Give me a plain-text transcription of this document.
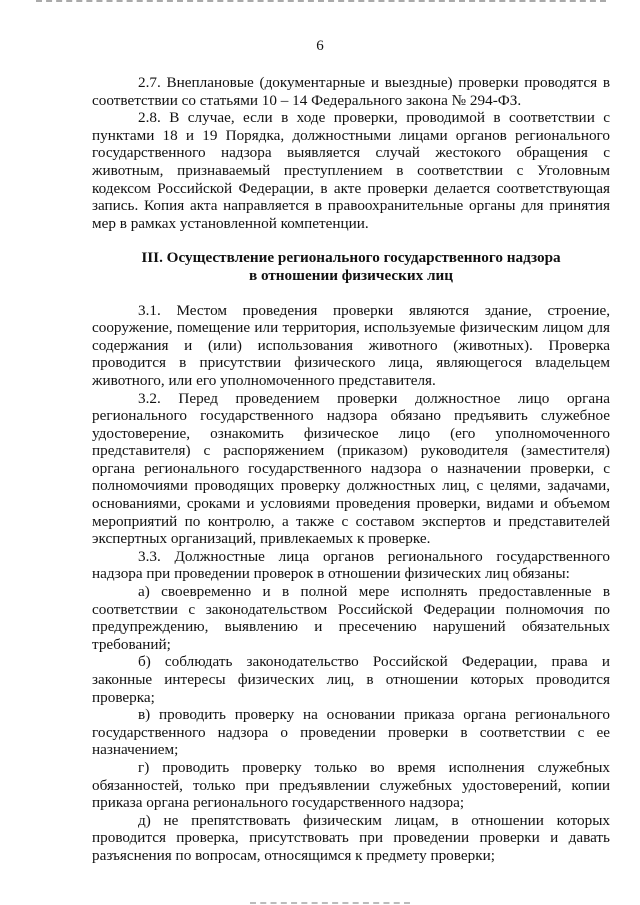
6

2.7. Внеплановые (документарные и выездные) проверки проводятся в соответствии со статьями 10 – 14 Федерального закона № 294-ФЗ.

2.8. В случае, если в ходе проверки, проводимой в соответствии с пунктами 18 и 19 Порядка, должностными лицами органов регионального государственного надзора выявляется случай жестокого обращения с животным, признаваемый преступлением в соответствии с Уголовным кодексом Российской Федерации, в акте проверки делается соответствующая запись. Копия акта направляется в правоохранительные органы для принятия мер в рамках установленной компетенции.

III. Осуществление регионального государственного надзора

в отношении физических лиц

3.1. Местом проведения проверки являются здание, строение, сооружение, помещение или территория, используемые физическим лицом для содержания и (или) использования животного (животных). Проверка проводится в присутствии физического лица, являющегося владельцем животного, или его уполномоченного представителя.

3.2. Перед проведением проверки должностное лицо органа регионального государственного надзора обязано предъявить служебное удостоверение, ознакомить физическое лицо (его уполномоченного представителя) с распоряжением (приказом) руководителя (заместителя) органа регионального государственного надзора о назначении проверки, с полномочиями проводящих проверку должностных лиц, с целями, задачами, основаниями, сроками и условиями проведения проверки, видами и объемом мероприятий по контролю, а также с составом экспертов и представителей экспертных организаций, привлекаемых к проверке.

3.3. Должностные лица органов регионального государственного надзора при проведении проверок в отношении физических лиц обязаны:

а) своевременно и в полной мере исполнять предоставленные в соответствии с законодательством Российской Федерации полномочия по предупреждению, выявлению и пресечению нарушений обязательных требований;

б) соблюдать законодательство Российской Федерации, права и законные интересы физических лиц, в отношении которых проводится проверка;

в) проводить проверку на основании приказа органа регионального государственного надзора о проведении проверки в соответствии с ее назначением;

г) проводить проверку только во время исполнения служебных обязанностей, только при предъявлении служебных удостоверений, копии приказа органа регионального государственного надзора;

д) не препятствовать физическим лицам, в отношении которых проводится проверка, присутствовать при проведении проверки и давать разъяснения по вопросам, относящимся к предмету проверки;
